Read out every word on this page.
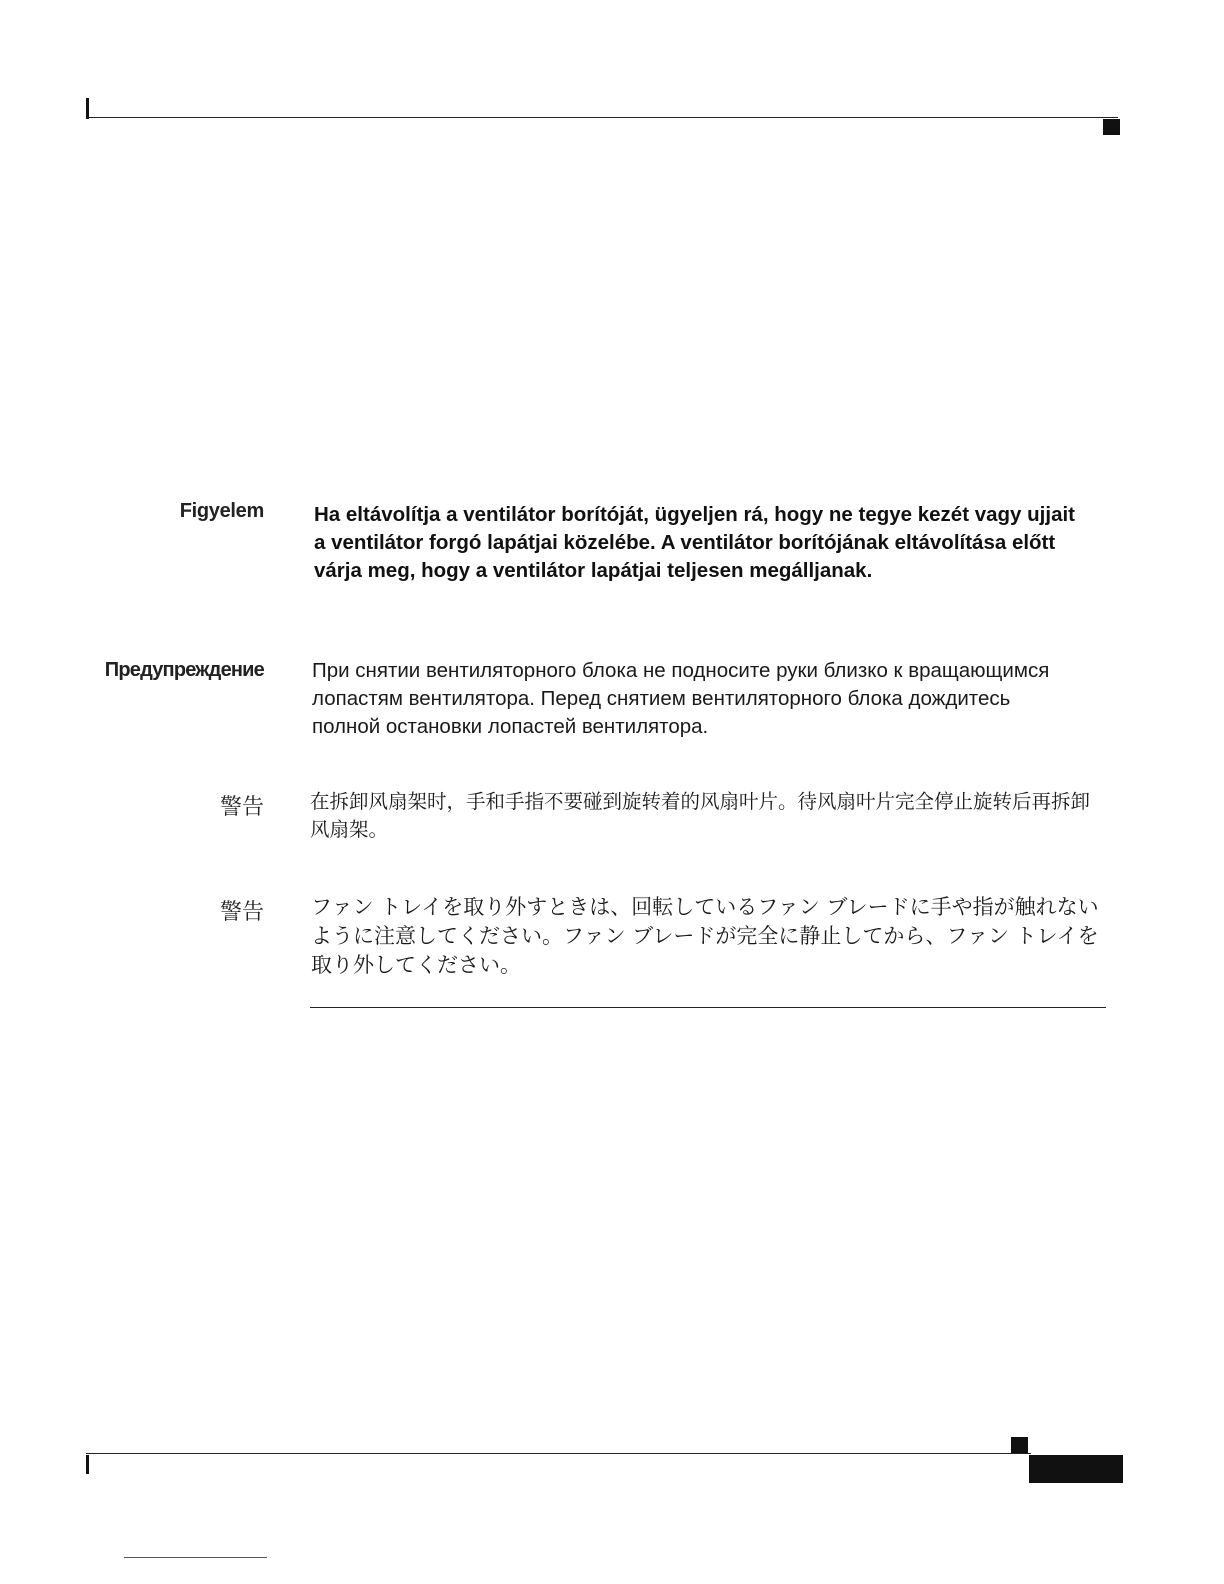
Figyelem Ha eltávolítja a ventilátor borítóját, ügyeljen rá, hogy ne tegye kezét vagy ujjait a ventilátor forgó lapátjai közelébe. A ventilátor borítójának eltávolítása előtt várja meg, hogy a ventilátor lapátjai teljesen megálljanak.
Предупреждение При снятии вентиляторного блока не подносите руки близко к вращающимся лопастям вентилятора. Перед снятием вентиляторного блока дождитесь полной остановки лопастей вентилятора.
警告 在拆卸风扇架时，手和手指不要碰到旋转着的风扇叶片。待风扇叶片完全停止旋转后再拆卸风扇架。
警告 ファン トレイを取り外すときは、回転しているファン ブレードに手や指が触れないように注意してください。ファン ブレードが完全に静止してから、ファン トレイを取り外してください。
